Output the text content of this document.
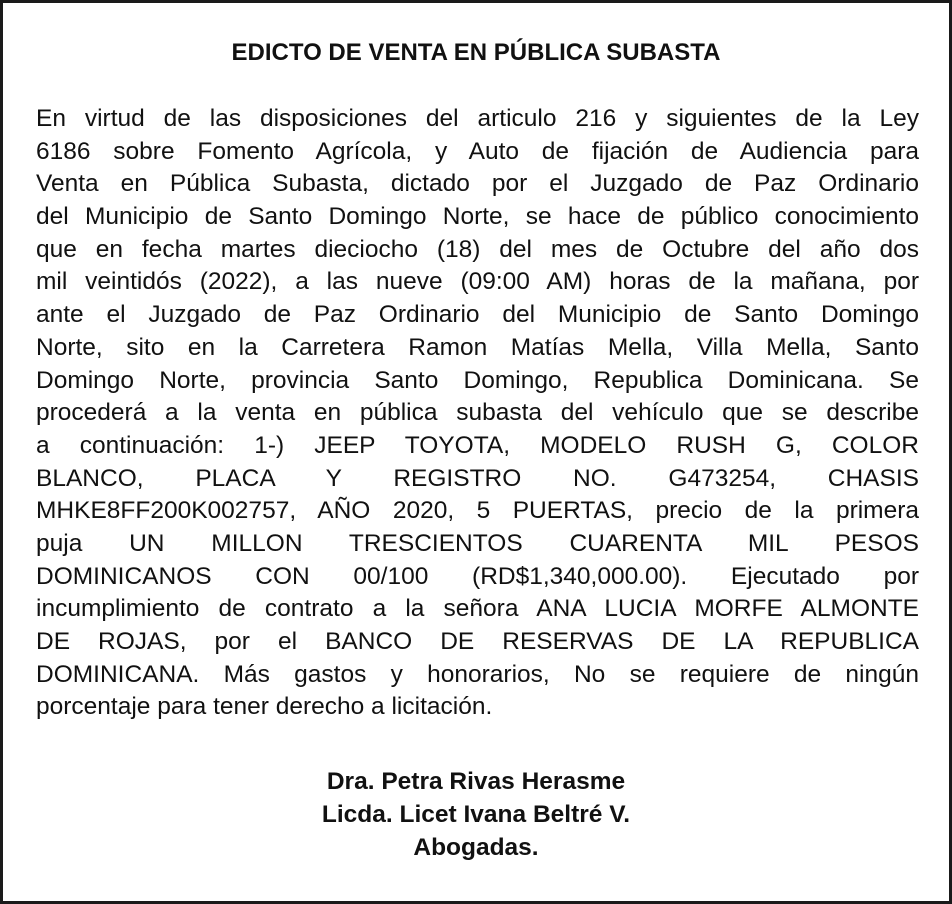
EDICTO DE VENTA EN PÚBLICA SUBASTA
En virtud de las disposiciones del articulo 216 y siguientes de la Ley
6186 sobre Fomento Agrícola, y Auto de fijación de Audiencia para
Venta en Pública Subasta, dictado por el Juzgado de Paz Ordinario
del Municipio de Santo Domingo Norte, se hace de público conocimiento
que en fecha martes dieciocho (18) del mes de Octubre del año dos
mil veintidós (2022), a las nueve (09:00 AM) horas de la mañana, por
ante el Juzgado de Paz Ordinario del Municipio de Santo Domingo
Norte, sito en la Carretera Ramon Matías Mella, Villa Mella, Santo
Domingo Norte, provincia Santo Domingo, Republica Dominicana. Se
procederá a la venta en pública subasta del vehículo que se describe
a continuación: 1-) JEEP TOYOTA, MODELO RUSH G, COLOR
BLANCO, PLACA Y REGISTRO NO. G473254, CHASIS
MHKE8FF200K002757, AÑO 2020, 5 PUERTAS, precio de la primera
puja UN MILLON TRESCIENTOS CUARENTA MIL PESOS
DOMINICANOS CON 00/100 (RD$1,340,000.00). Ejecutado por
incumplimiento de contrato a la señora ANA LUCIA MORFE ALMONTE
DE ROJAS, por el BANCO DE RESERVAS DE LA REPUBLICA
DOMINICANA. Más gastos y honorarios, No se requiere de ningún
porcentaje para tener derecho a licitación.
Dra. Petra Rivas Herasme
Licda. Licet Ivana Beltré V.
Abogadas.
